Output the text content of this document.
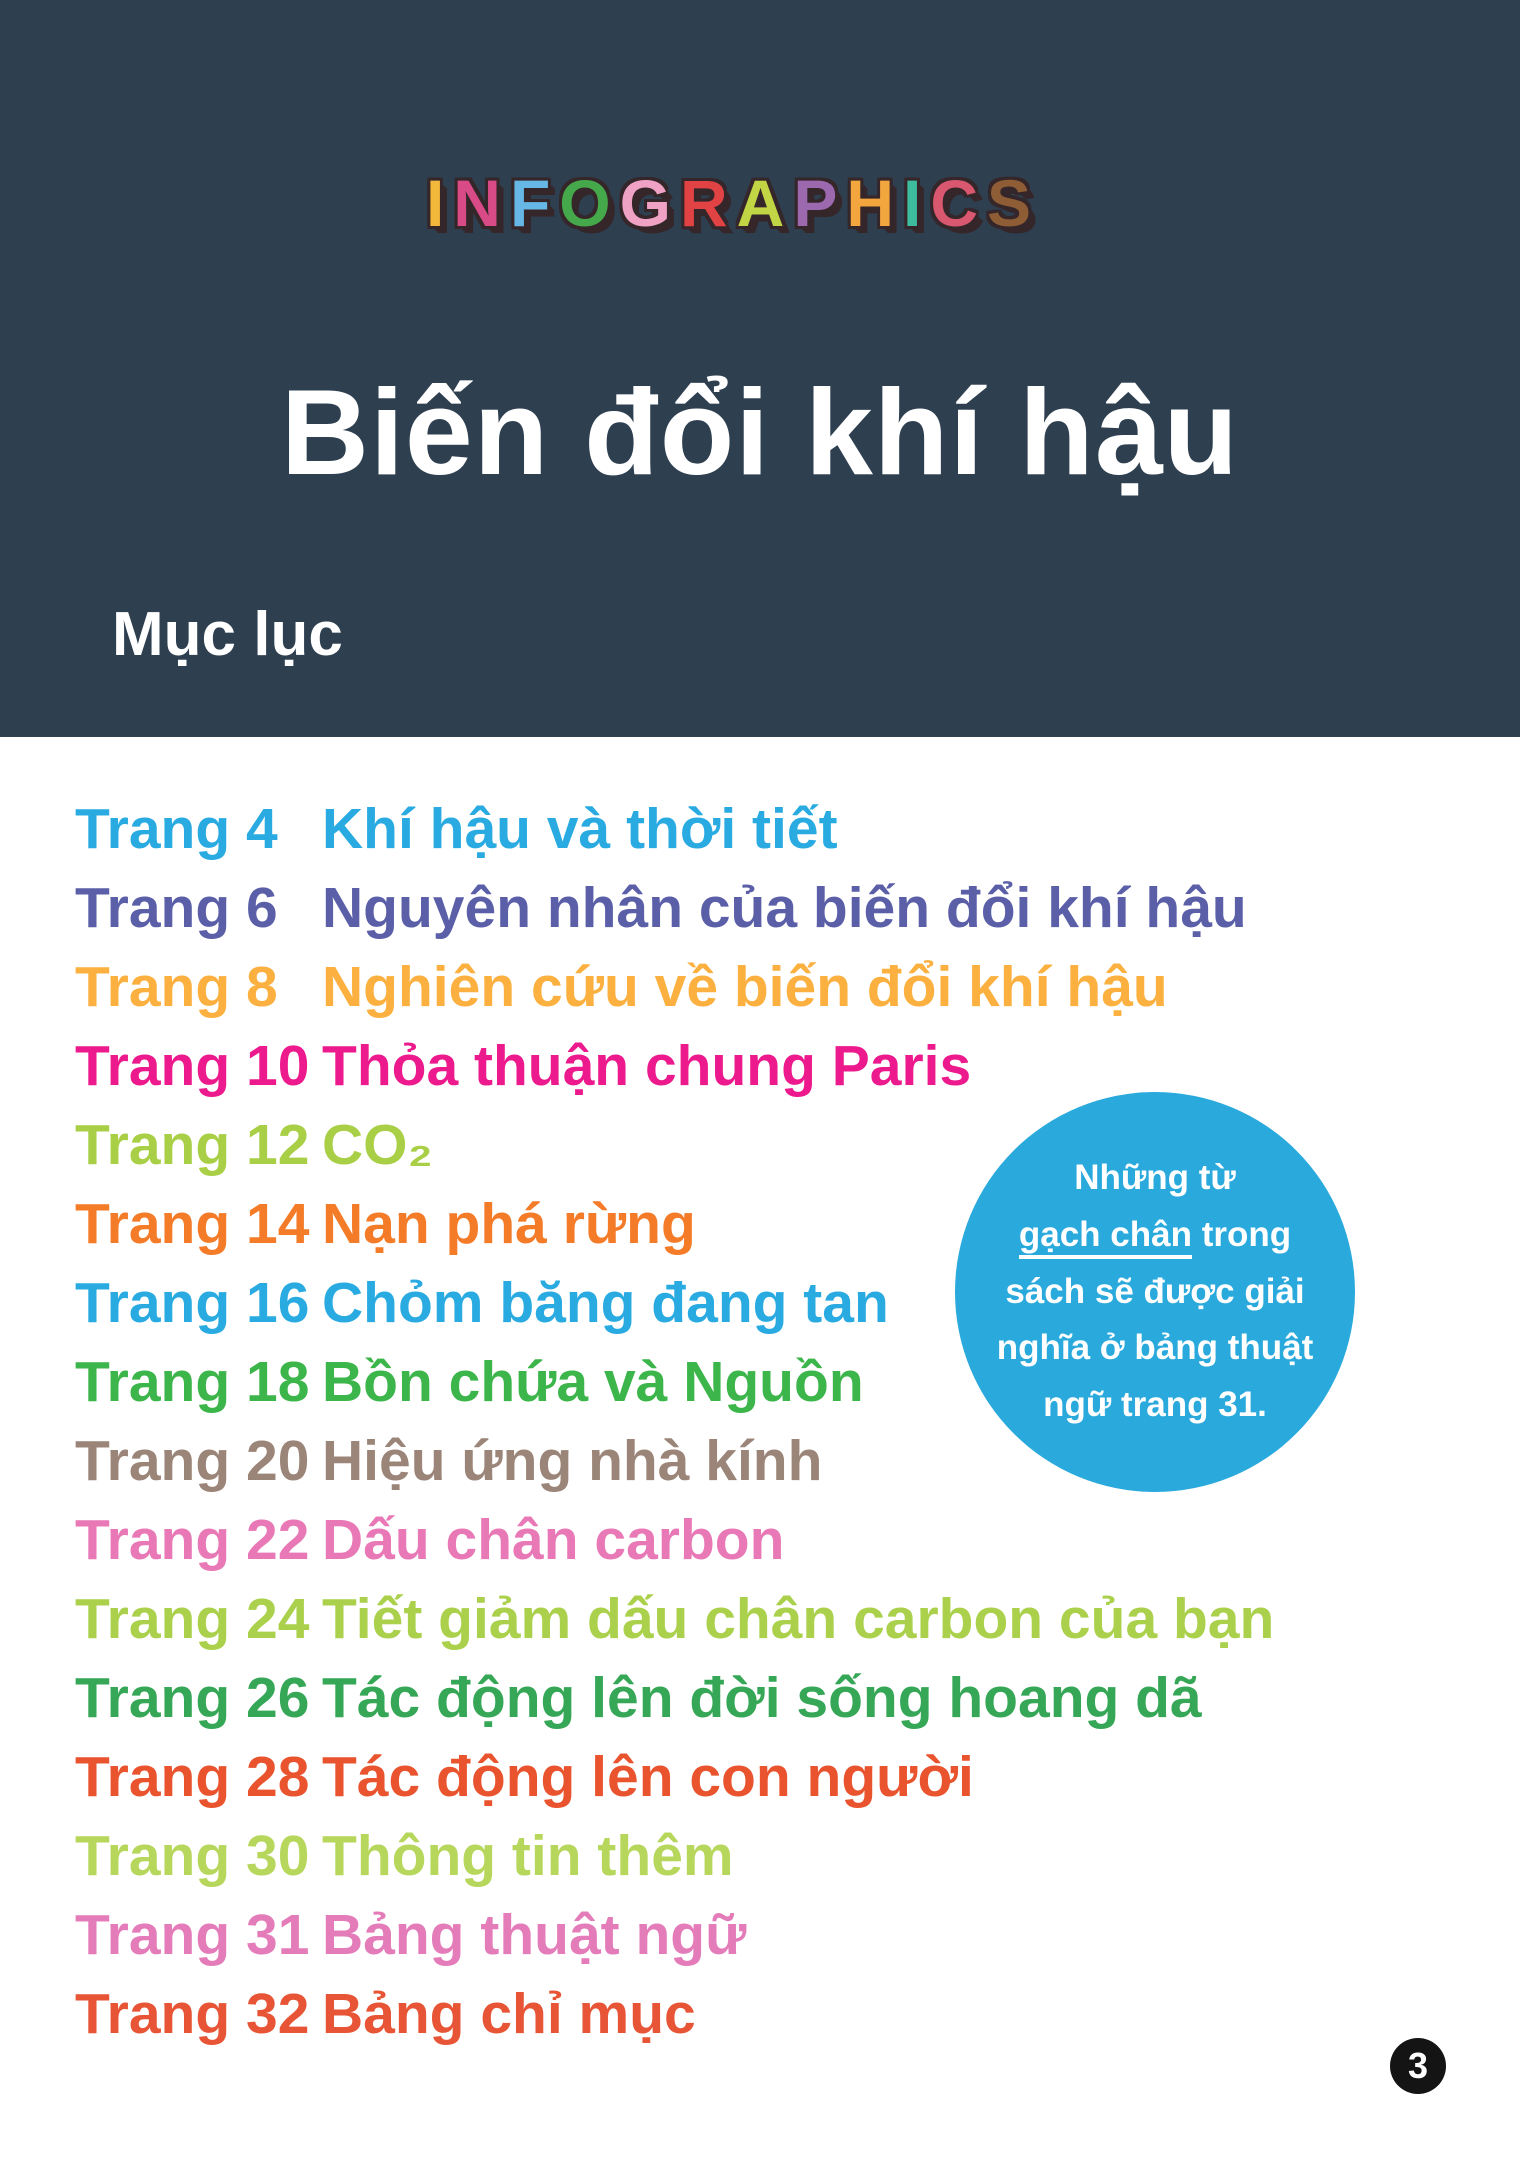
INFOGRAPHICS
Biến đổi khí hậu
Mục lục
Trang 4 Khí hậu và thời tiết
Trang 6 Nguyên nhân của biến đổi khí hậu
Trang 8 Nghiên cứu về biến đổi khí hậu
Trang 10 Thỏa thuận chung Paris
Trang 12 CO₂
Trang 14 Nạn phá rừng
Trang 16 Chỏm băng đang tan
Trang 18 Bồn chứa và Nguồn
Trang 20 Hiệu ứng nhà kính
Trang 22 Dấu chân carbon
Trang 24 Tiết giảm dấu chân carbon của bạn
Trang 26 Tác động lên đời sống hoang dã
Trang 28 Tác động lên con người
Trang 30 Thông tin thêm
Trang 31 Bảng thuật ngữ
Trang 32 Bảng chỉ mục

Những từ
gạch chân trong sách sẽ được giải nghĩa ở bảng thuật ngữ trang 31.

3
